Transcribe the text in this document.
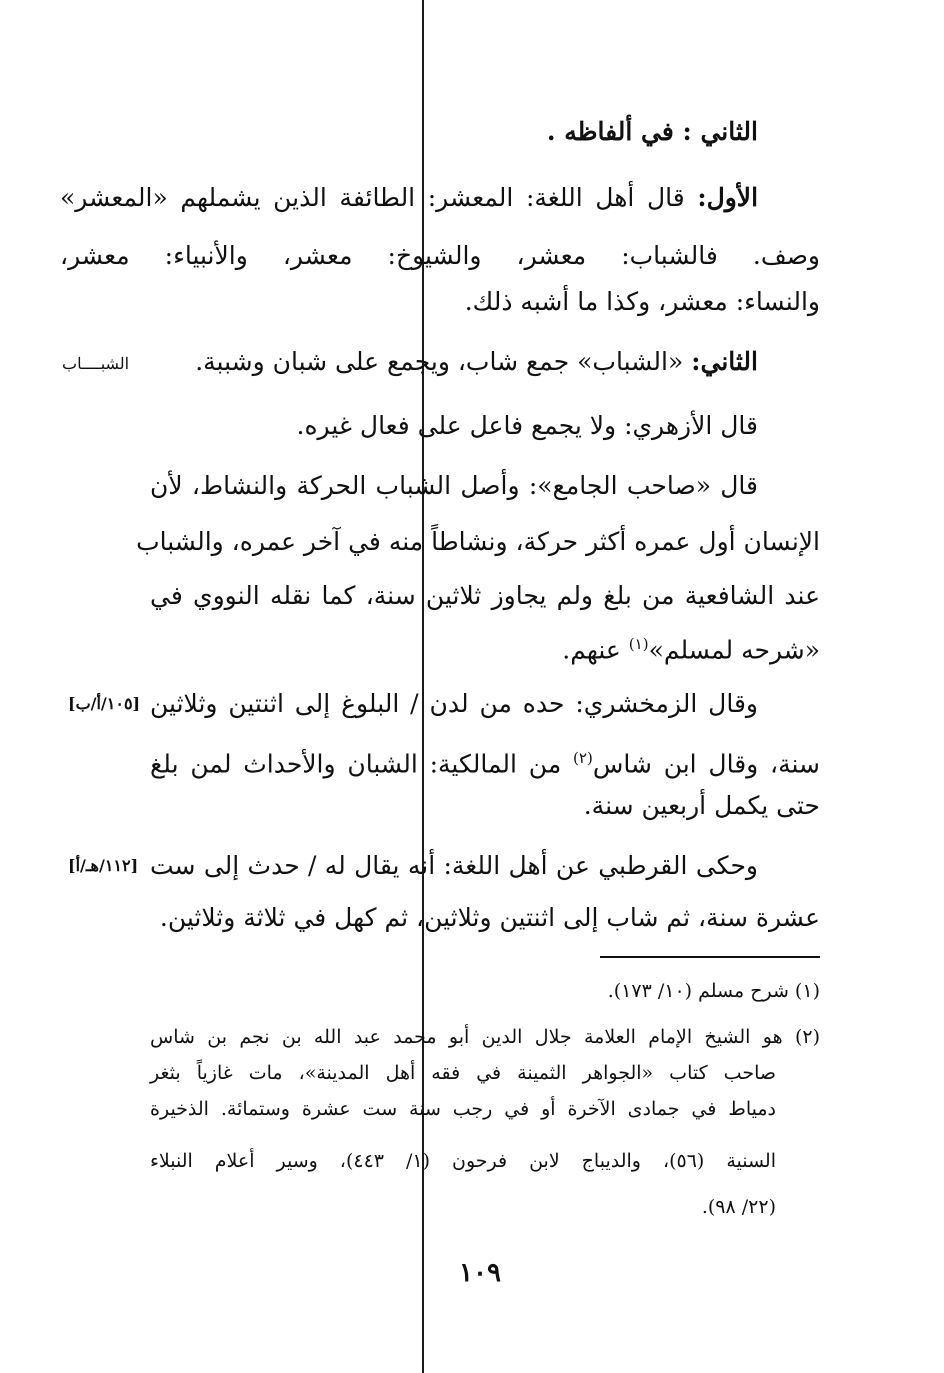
الثاني : في ألفاظه .
الأول: قال أهل اللغة: المعشر: الطائفة الذين يشملهم «المعشر»
وصف. فالشباب: معشر، والشيوخ: معشر، والأنبياء: معشر،
والنساء: معشر، وكذا ما أشبه ذلك.
الثاني: «الشباب» جمع شاب، ويجمع على شبان وشببة.
الشبــــاب
قال الأزهري: ولا يجمع فاعل على فعال غيره.
قال «صاحب الجامع»: وأصل الشباب الحركة والنشاط، لأن
الإنسان أول عمره أكثر حركة، ونشاطاً منه في آخر عمره، والشباب
عند الشافعية من بلغ ولم يجاوز ثلاثين سنة، كما نقله النووي في
«شرحه لمسلم»$^{(١)}$ عنهم.
وقال الزمخشري: حده من لدن / البلوغ إلى اثنتين وثلاثين
[١٠٥/أ/ب]
سنة، وقال ابن شاس$^{(٢)}$ من المالكية: الشبان والأحداث لمن بلغ
حتى يكمل أربعين سنة.
وحكى القرطبي عن أهل اللغة: أنه يقال له / حدث إلى ست
[١١٢/هـ/أ]
عشرة سنة، ثم شاب إلى اثنتين وثلاثين، ثم كهل في ثلاثة وثلاثين.
(١) شرح مسلم (١٠/ ١٧٣).
(٢) هو الشيخ الإمام العلامة جلال الدين أبو محمد عبد الله بن نجم بن شاس
صاحب كتاب «الجواهر الثمينة في فقه أهل المدينة»، مات غازياً بثغر
دمياط في جمادى الآخرة أو في رجب سنة ست عشرة وستمائة. الذخيرة
السنية (٥٦)، والديباج لابن فرحون (١/ ٤٤٣)، وسير أعلام النبلاء
(٢٢/ ٩٨).
١٠٩
